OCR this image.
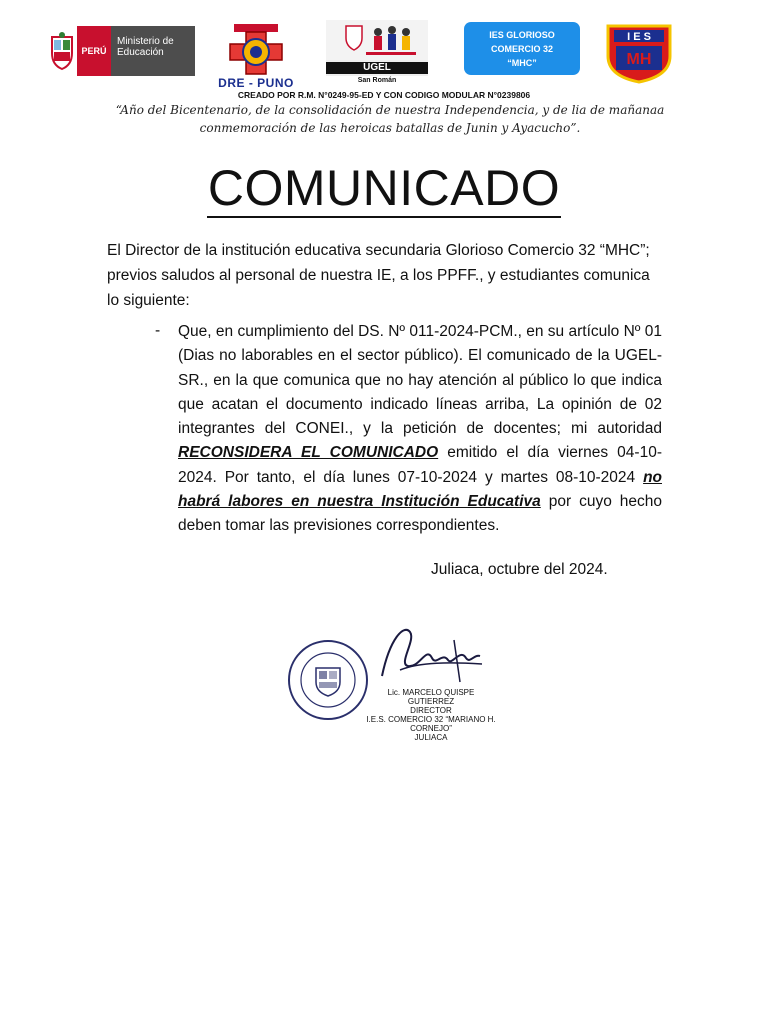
PERÚ
Ministerio de Educación
DRE - PUNO
UGEL
San Román
IES GLORIOSO
COMERCIO 32
“MHC”
I E S
MH
CREADO POR R.M. N°0249-95-ED Y CON CODIGO MODULAR N°0239806
“Año del Bicentenario, de la consolidación de nuestra Independencia, y de lia de mañanaa conmemoración de las heroicas batallas de Junin y Ayacucho”.
COMUNICADO
El Director de la institución educativa secundaria Glorioso Comercio 32 “MHC”; previos saludos al personal de nuestra IE, a los PPFF., y estudiantes comunica lo siguiente:
- Que, en cumplimiento del DS. Nº 011-2024-PCM., en su artículo Nº 01 (Dias no laborables en el sector público). El comunicado de la UGEL-SR., en la que comunica que no hay atención al público lo que indica que acatan el documento indicado líneas arriba, La opinión de 02 integrantes del CONEI., y la petición de docentes; mi autoridad RECONSIDERA EL COMUNICADO emitido el día viernes 04-10-2024. Por tanto, el día lunes 07-10-2024 y martes 08-10-2024 no habrá labores en nuestra Institución Educativa por cuyo hecho deben tomar las previsiones correspondientes.
Juliaca, octubre del 2024.
Lic. MARCELO QUISPE GUTIERREZ
DIRECTOR
I.E.S. COMERCIO 32 “MARIANO H. CORNEJO”
JULIACA
